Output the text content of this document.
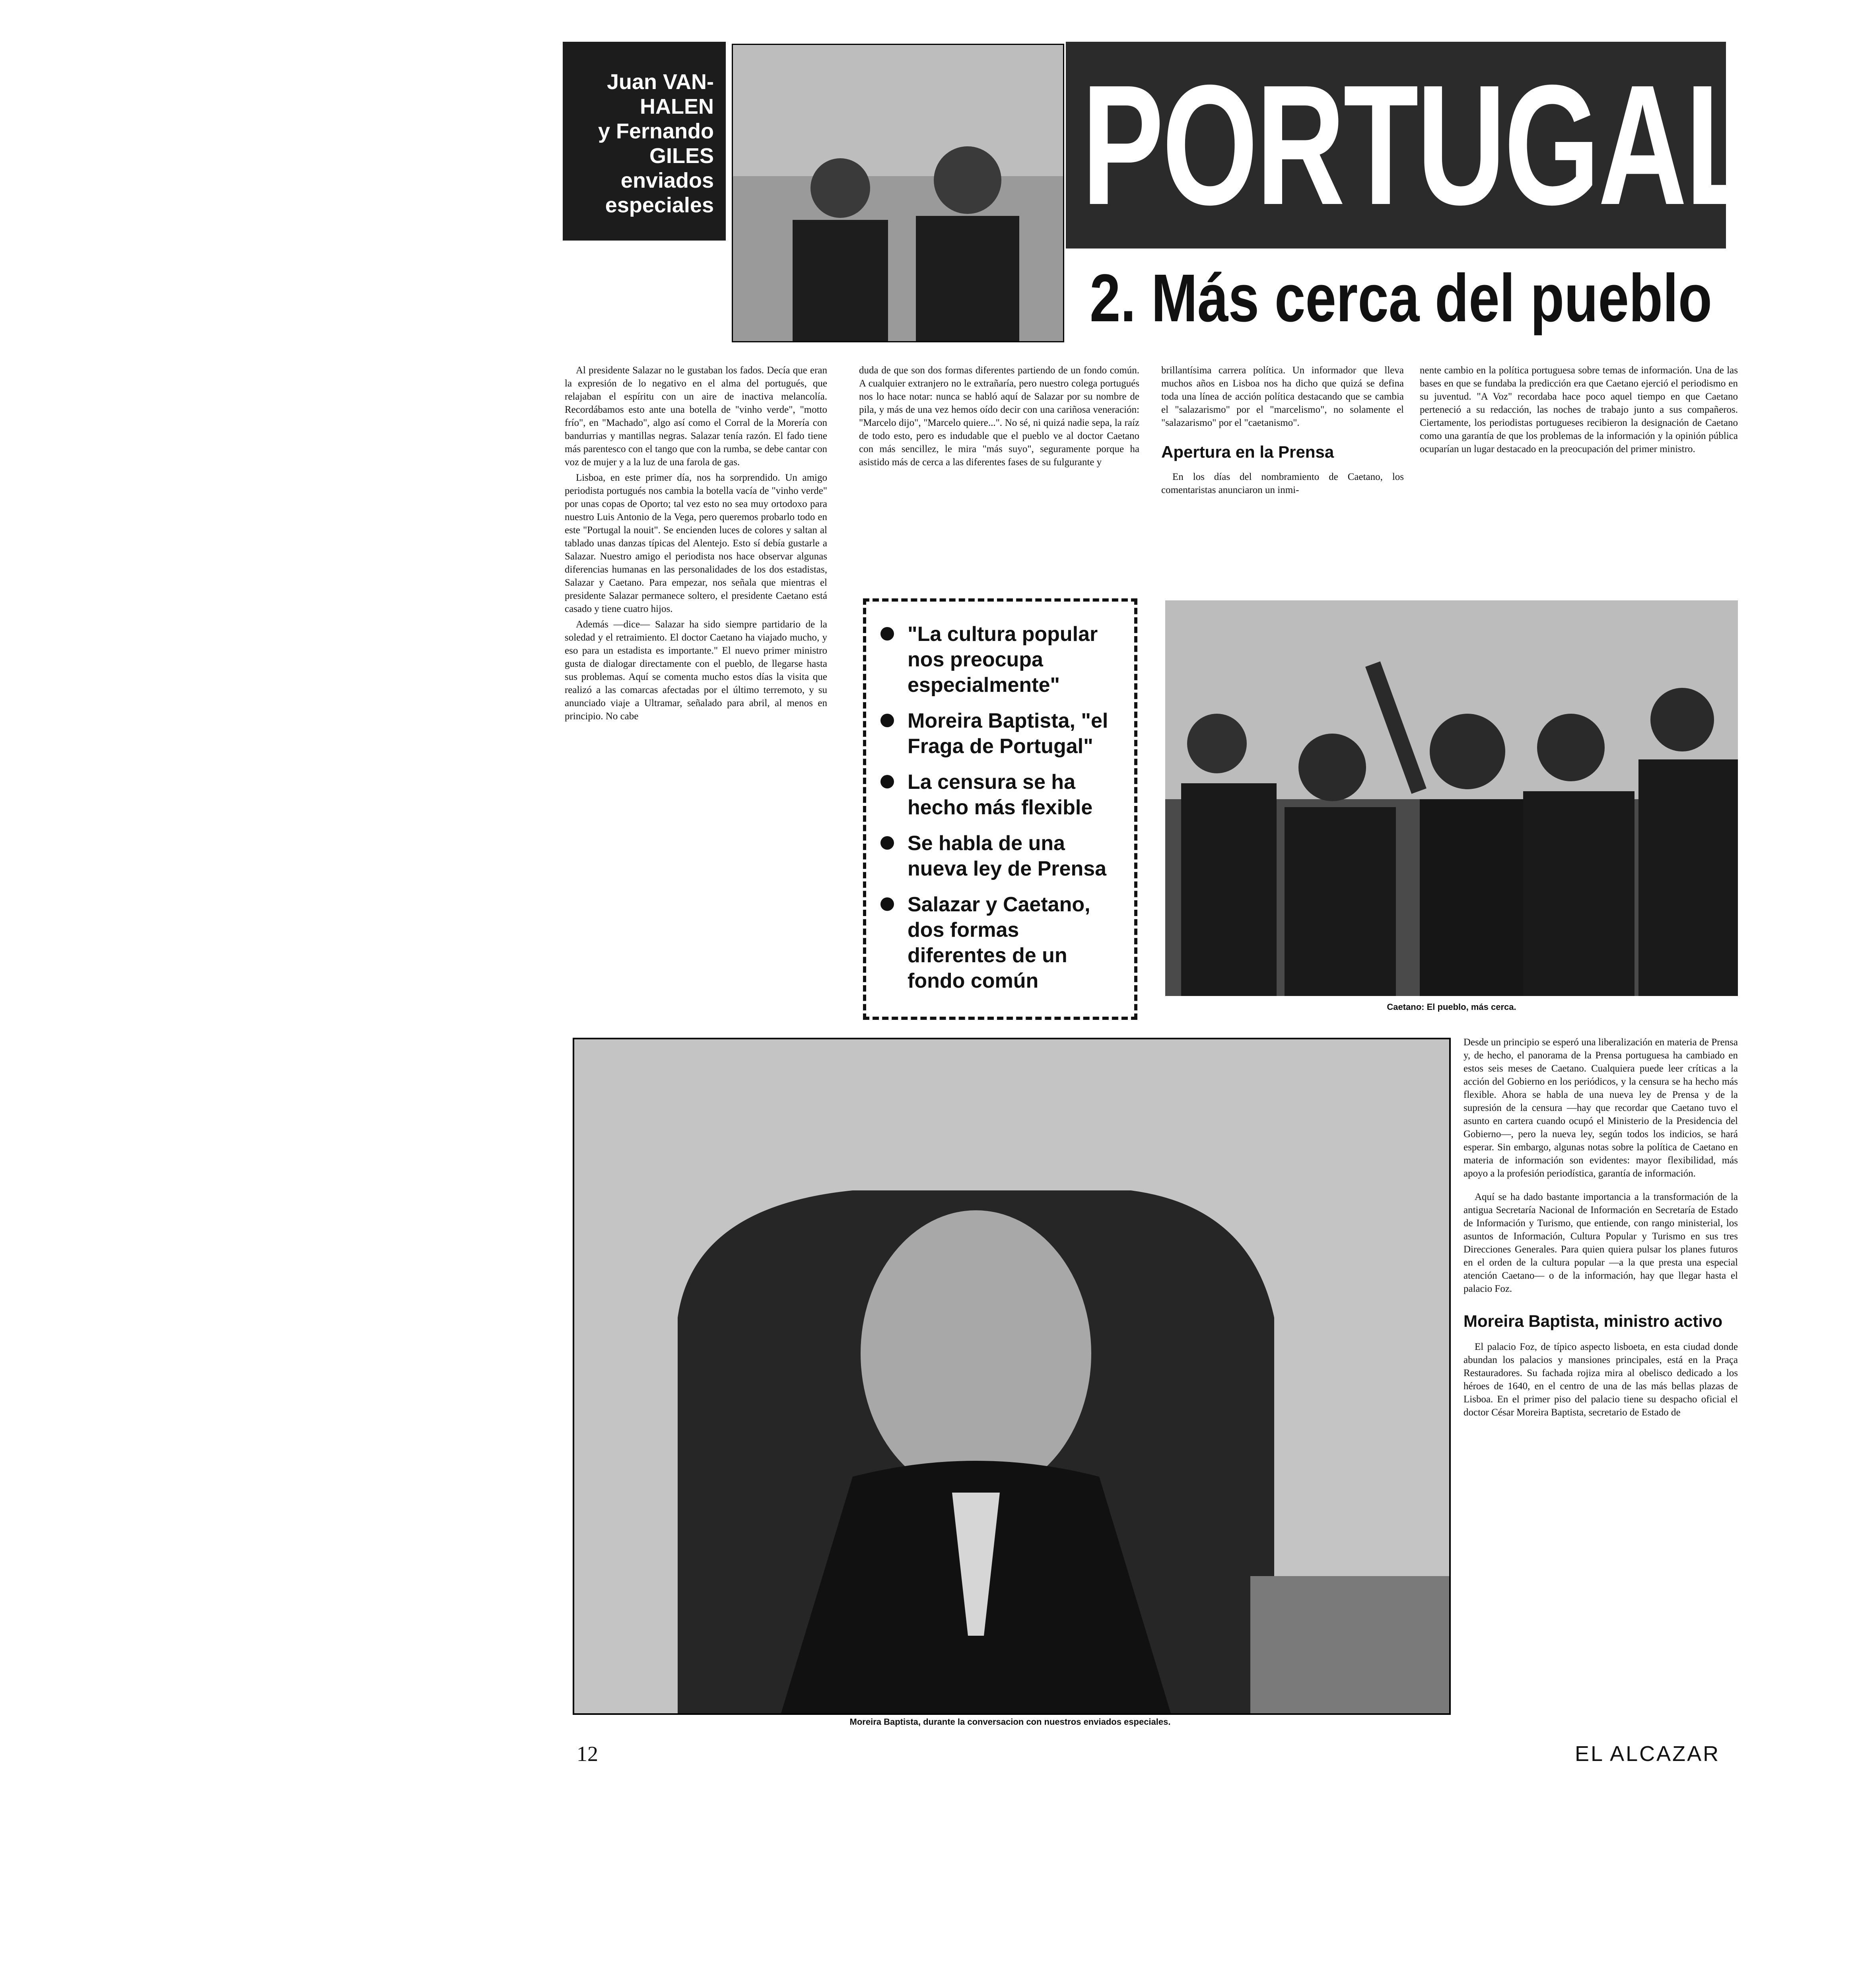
Juan VAN-
HALEN
y Fernando
GILES
enviados
especiales PORTUGAL:
2. Más cerca del pueblo

Al presidente Salazar no le gustaban los fados. Decía que eran la expresión de lo negativo en el alma del portugués, que relajaban el espíritu con un aire de inactiva melancolía. Recordábamos esto ante una botella de "vinho verde", "motto frío", en "Machado", algo así como el Corral de la Morería con bandurrias y mantillas negras. Salazar tenía razón. El fado tiene más parentesco con el tango que con la rumba, se debe cantar con voz de mujer y a la luz de una farola de gas.

Lisboa, en este primer día, nos ha sorprendido. Un amigo periodista portugués nos cambia la botella vacía de "vinho verde" por unas copas de Oporto; tal vez esto no sea muy ortodoxo para nuestro Luis Antonio de la Vega, pero queremos probarlo todo en este "Portugal la nouit". Se encienden luces de colores y saltan al tablado unas danzas típicas del Alentejo. Esto sí debía gustarle a Salazar. Nuestro amigo el periodista nos hace observar algunas diferencias humanas en las personalidades de los dos estadistas, Salazar y Caetano. Para empezar, nos señala que mientras el presidente Salazar permanece soltero, el presidente Caetano está casado y tiene cuatro hijos.

Además —dice— Salazar ha sido siempre partidario de la soledad y el retraimiento. El doctor Caetano ha viajado mucho, y eso para un estadista es importante." El nuevo primer ministro gusta de dialogar directamente con el pueblo, de llegarse hasta sus problemas. Aquí se comenta mucho estos días la visita que realizó a las comarcas afectadas por el último terremoto, y su anunciado viaje a Ultramar, señalado para abril, al menos en principio. No cabe

duda de que son dos formas diferentes partiendo de un fondo común. A cualquier extranjero no le extrañaría, pero nuestro colega portugués nos lo hace notar: nunca se habló aquí de Salazar por su nombre de pila, y más de una vez hemos oído decir con una cariñosa veneración: "Marcelo dijo", "Marcelo quiere...". No sé, ni quizá nadie sepa, la raíz de todo esto, pero es indudable que el pueblo ve al doctor Caetano con más sencillez, le mira "más suyo", seguramente porque ha asistido más de cerca a las diferentes fases de su fulgurante y

brillantísima carrera política. Un informador que lleva muchos años en Lisboa nos ha dicho que quizá se defina toda una línea de acción política destacando que se cambia el "salazarismo" por el "marcelismo", no solamente el "salazarismo" por el "caetanismo".

Apertura en la Prensa

En los días del nombramiento de Caetano, los comentaristas anunciaron un inmi-

nente cambio en la política portuguesa sobre temas de información. Una de las bases en que se fundaba la predicción era que Caetano ejerció el periodismo en su juventud. "A Voz" recordaba hace poco aquel tiempo en que Caetano perteneció a su redacción, las noches de trabajo junto a sus compañeros. Ciertamente, los periodistas portugueses recibieron la designación de Caetano como una garantía de que los problemas de la información y la opinión pública ocuparían un lugar destacado en la preocupación del primer ministro.

"La cultura popular nos preocupa especialmente"
Moreira Baptista, "el Fraga de Portugal"
La censura se ha hecho más flexible
Se habla de una nueva ley de Prensa
Salazar y Caetano, dos formas diferentes de un fondo común
Caetano: El pueblo, más cerca.
Moreira Baptista, durante la conversacion con nuestros enviados especiales.

Desde un principio se esperó una liberalización en materia de Prensa y, de hecho, el panorama de la Prensa portuguesa ha cambiado en estos seis meses de Caetano. Cualquiera puede leer críticas a la acción del Gobierno en los periódicos, y la censura se ha hecho más flexible. Ahora se habla de una nueva ley de Prensa y de la supresión de la censura —hay que recordar que Caetano tuvo el asunto en cartera cuando ocupó el Ministerio de la Presidencia del Gobierno—, pero la nueva ley, según todos los indicios, se hará esperar. Sin embargo, algunas notas sobre la política de Caetano en materia de información son evidentes: mayor flexibilidad, más apoyo a la profesión periodística, garantía de información.

Aquí se ha dado bastante importancia a la transformación de la antigua Secretaría Nacional de Información en Secretaría de Estado de Información y Turismo, que entiende, con rango ministerial, los asuntos de Información, Cultura Popular y Turismo en sus tres Direcciones Generales. Para quien quiera pulsar los planes futuros en el orden de la cultura popular —a la que presta una especial atención Caetano— o de la información, hay que llegar hasta el palacio Foz.

Moreira Baptista, ministro activo

El palacio Foz, de típico aspecto lisboeta, en esta ciudad donde abundan los palacios y mansiones principales, está en la Praça Restauradores. Su fachada rojiza mira al obelisco dedicado a los héroes de 1640, en el centro de una de las más bellas plazas de Lisboa. En el primer piso del palacio tiene su despacho oficial el doctor César Moreira Baptista, secretario de Estado de

12	EL ALCAZAR
